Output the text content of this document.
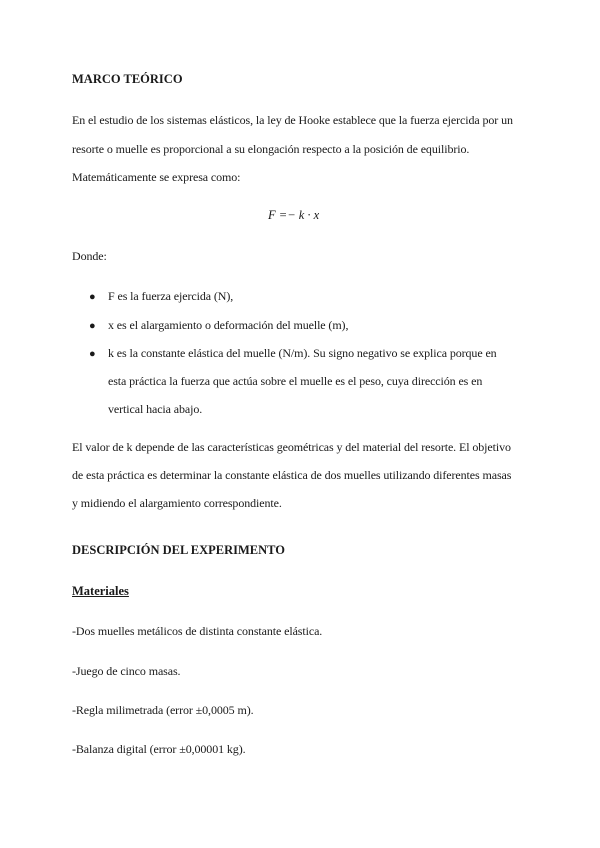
MARCO TEÓRICO
En el estudio de los sistemas elásticos, la ley de Hooke establece que la fuerza ejercida por un
resorte o muelle es proporcional a su elongación respecto a la posición de equilibrio.
Matemáticamente se expresa como:
F =− k · x
Donde:
● F es la fuerza ejercida (N),
● x es el alargamiento o deformación del muelle (m),
● k es la constante elástica del muelle (N/m). Su signo negativo se explica porque en
esta práctica la fuerza que actúa sobre el muelle es el peso, cuya dirección es en
vertical hacia abajo.
El valor de k depende de las características geométricas y del material del resorte. El objetivo
de esta práctica es determinar la constante elástica de dos muelles utilizando diferentes masas
y midiendo el alargamiento correspondiente.
DESCRIPCIÓN DEL EXPERIMENTO
Materiales
-Dos muelles metálicos de distinta constante elástica.
-Juego de cinco masas.
-Regla milimetrada (error ±0,0005 m).
-Balanza digital (error ±0,00001 kg).
